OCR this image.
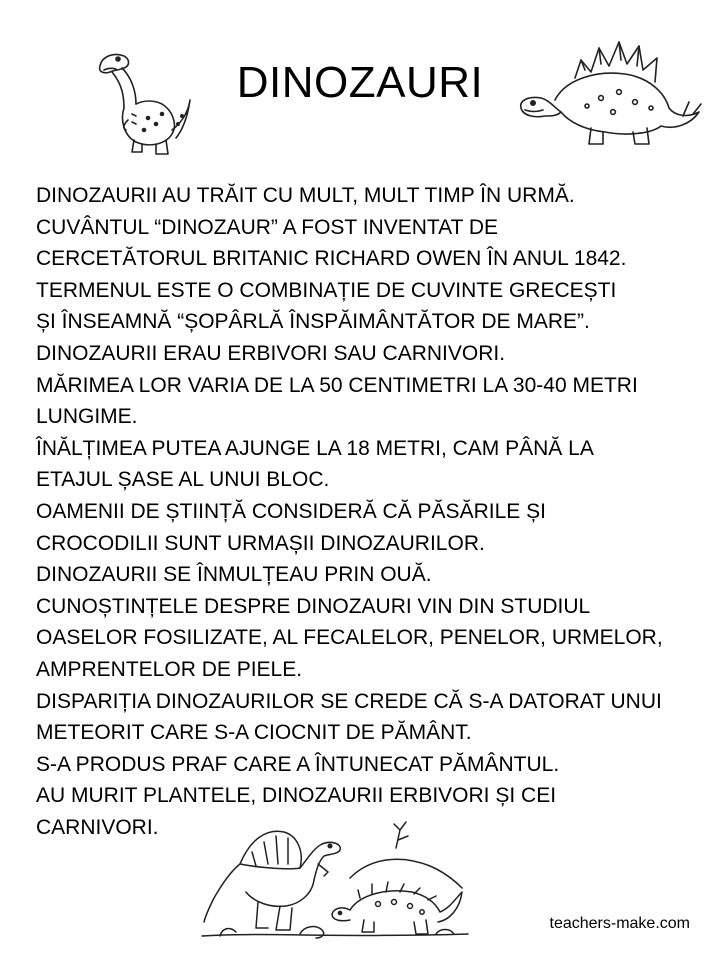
DINOZAURI
DINOZAURII AU TRĂIT CU MULT, MULT TIMP ÎN URMĂ.
CUVÂNTUL “DINOZAUR” A FOST INVENTAT DE
CERCETĂTORUL BRITANIC RICHARD OWEN ÎN ANUL 1842.
TERMENUL ESTE O COMBINAȚIE DE CUVINTE GRECEȘTI
ȘI ÎNSEAMNĂ “ȘOPÂRLĂ ÎNSPĂIMÂNTĂTOR DE MARE”.
DINOZAURII ERAU ERBIVORI SAU CARNIVORI.
MĂRIMEA LOR VARIA DE LA 50 CENTIMETRI LA 30-40 METRI
LUNGIME.
ÎNĂLȚIMEA PUTEA AJUNGE LA 18 METRI, CAM PÂNĂ LA
ETAJUL ȘASE AL UNUI BLOC.
OAMENII DE ȘTIINȚĂ CONSIDERĂ CĂ PĂSĂRILE ȘI
CROCODILII SUNT URMAȘII DINOZAURILOR.
DINOZAURII SE ÎNMULȚEAU PRIN OUĂ.
CUNOȘTINȚELE DESPRE DINOZAURI VIN DIN STUDIUL
OASELOR FOSILIZATE, AL FECALELOR, PENELOR, URMELOR,
AMPRENTELOR DE PIELE.
DISPARIȚIA DINOZAURILOR SE CREDE CĂ S-A DATORAT UNUI
METEORIT CARE S-A CIOCNIT DE PĂMÂNT.
S-A PRODUS PRAF CARE A ÎNTUNECAT PĂMÂNTUL.
AU MURIT PLANTELE, DINOZAURII ERBIVORI ȘI CEI
CARNIVORI.
teachers-make.com
